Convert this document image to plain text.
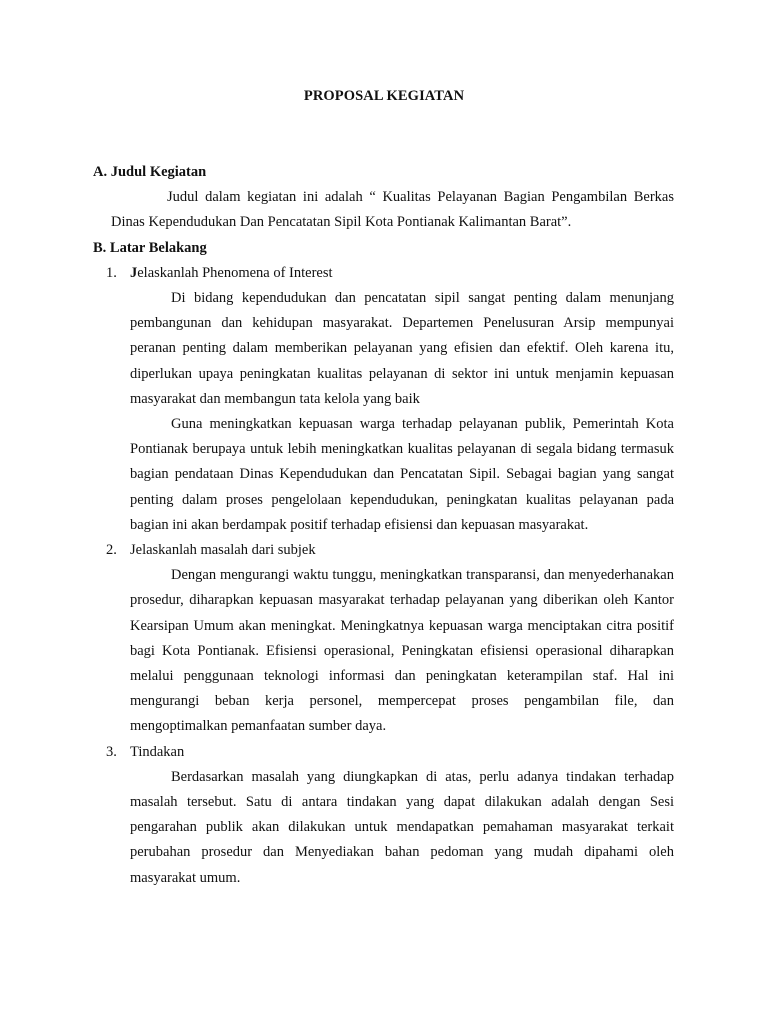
PROPOSAL KEGIATAN
A. Judul Kegiatan

Judul dalam kegiatan ini adalah “ Kualitas Pelayanan Bagian Pengambilan Berkas Dinas Kependudukan Dan Pencatatan Sipil Kota Pontianak Kalimantan Barat”.

B. Latar Belakang
1. Jelaskanlah Phenomena of Interest

Di bidang kependudukan dan pencatatan sipil sangat penting dalam menunjang pembangunan dan kehidupan masyarakat. Departemen Penelusuran Arsip mempunyai peranan penting dalam memberikan pelayanan yang efisien dan efektif. Oleh karena itu, diperlukan upaya peningkatan kualitas pelayanan di sektor ini untuk menjamin kepuasan masyarakat dan membangun tata kelola yang baik

Guna meningkatkan kepuasan warga terhadap pelayanan publik, Pemerintah Kota Pontianak berupaya untuk lebih meningkatkan kualitas pelayanan di segala bidang termasuk bagian pendataan Dinas Kependudukan dan Pencatatan Sipil. Sebagai bagian yang sangat penting dalam proses pengelolaan kependudukan, peningkatan kualitas pelayanan pada bagian ini akan berdampak positif terhadap efisiensi dan kepuasan masyarakat.

2. Jelaskanlah masalah dari subjek

Dengan mengurangi waktu tunggu, meningkatkan transparansi, dan menyederhanakan prosedur, diharapkan kepuasan masyarakat terhadap pelayanan yang diberikan oleh Kantor Kearsipan Umum akan meningkat. Meningkatnya kepuasan warga menciptakan citra positif bagi Kota Pontianak. Efisiensi operasional, Peningkatan efisiensi operasional diharapkan melalui penggunaan teknologi informasi dan peningkatan keterampilan staf. Hal ini mengurangi beban kerja personel, mempercepat proses pengambilan file, dan mengoptimalkan pemanfaatan sumber daya.

3. Tindakan

Berdasarkan masalah yang diungkapkan di atas, perlu adanya tindakan terhadap masalah tersebut. Satu di antara tindakan yang dapat dilakukan adalah dengan Sesi pengarahan publik akan dilakukan untuk mendapatkan pemahaman masyarakat terkait perubahan prosedur dan Menyediakan bahan pedoman yang mudah dipahami oleh masyarakat umum.
